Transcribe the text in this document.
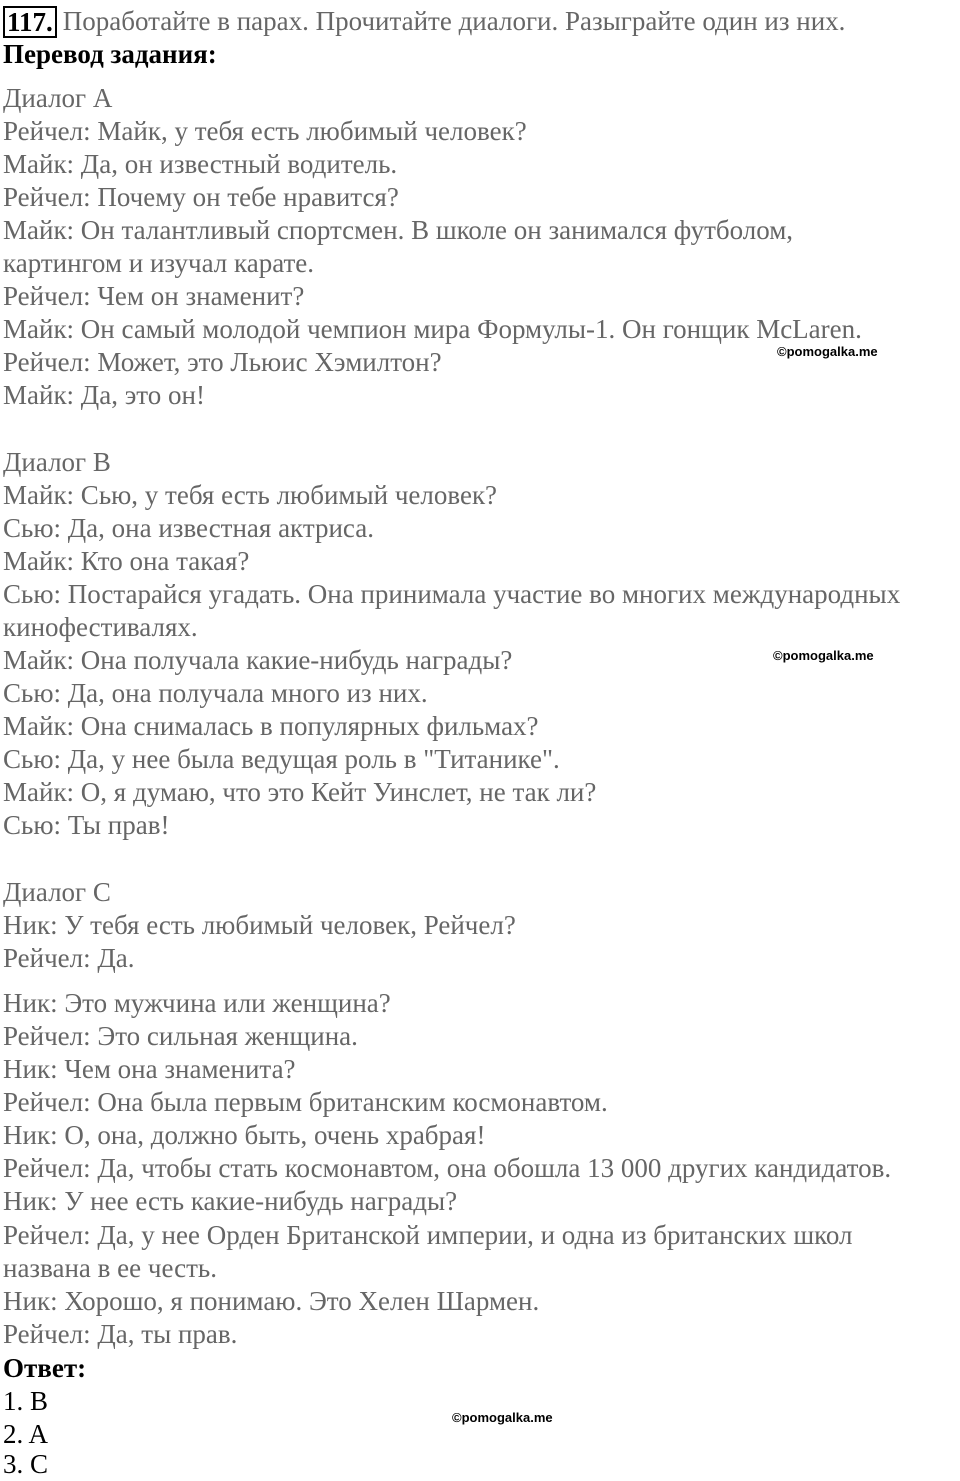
117. Поработайте в парах. Прочитайте диалоги. Разыграйте один из них.
Перевод задания:
Диалог A
Рейчел: Майк, у тебя есть любимый человек?
Майк: Да, он известный водитель.
Рейчел: Почему он тебе нравится?
Майк: Он талантливый спортсмен. В школе он занимался футболом,
картингом и изучал карате.
Рейчел: Чем он знаменит?
Майк: Он самый молодой чемпион мира Формулы-1. Он гонщик McLaren.
Рейчел: Может, это Льюис Хэмилтон?
Майк: Да, это он!
Диалог B
Майк: Сью, у тебя есть любимый человек?
Сью: Да, она известная актриса.
Майк: Кто она такая?
Сью: Постарайся угадать. Она принимала участие во многих международных
кинофестивалях.
Майк: Она получала какие-нибудь награды?
Сью: Да, она получала много из них.
Майк: Она снималась в популярных фильмах?
Сью: Да, у нее была ведущая роль в "Титанике".
Майк: О, я думаю, что это Кейт Уинслет, не так ли?
Сью: Ты прав!
Диалог C
Ник: У тебя есть любимый человек, Рейчел?
Рейчел: Да.
Ник: Это мужчина или женщина?
Рейчел: Это сильная женщина.
Ник: Чем она знаменита?
Рейчел: Она была первым британским космонавтом.
Ник: О, она, должно быть, очень храбрая!
Рейчел: Да, чтобы стать космонавтом, она обошла 13 000 других кандидатов.
Ник: У нее есть какие-нибудь награды?
Рейчел: Да, у нее Орден Британской империи, и одна из британских школ
названа в ее честь.
Ник: Хорошо, я понимаю. Это Хелен Шармен.
Рейчел: Да, ты прав.
Ответ:
1. B
2. A
3. C
©pomogalka.me
©pomogalka.me
©pomogalka.me
